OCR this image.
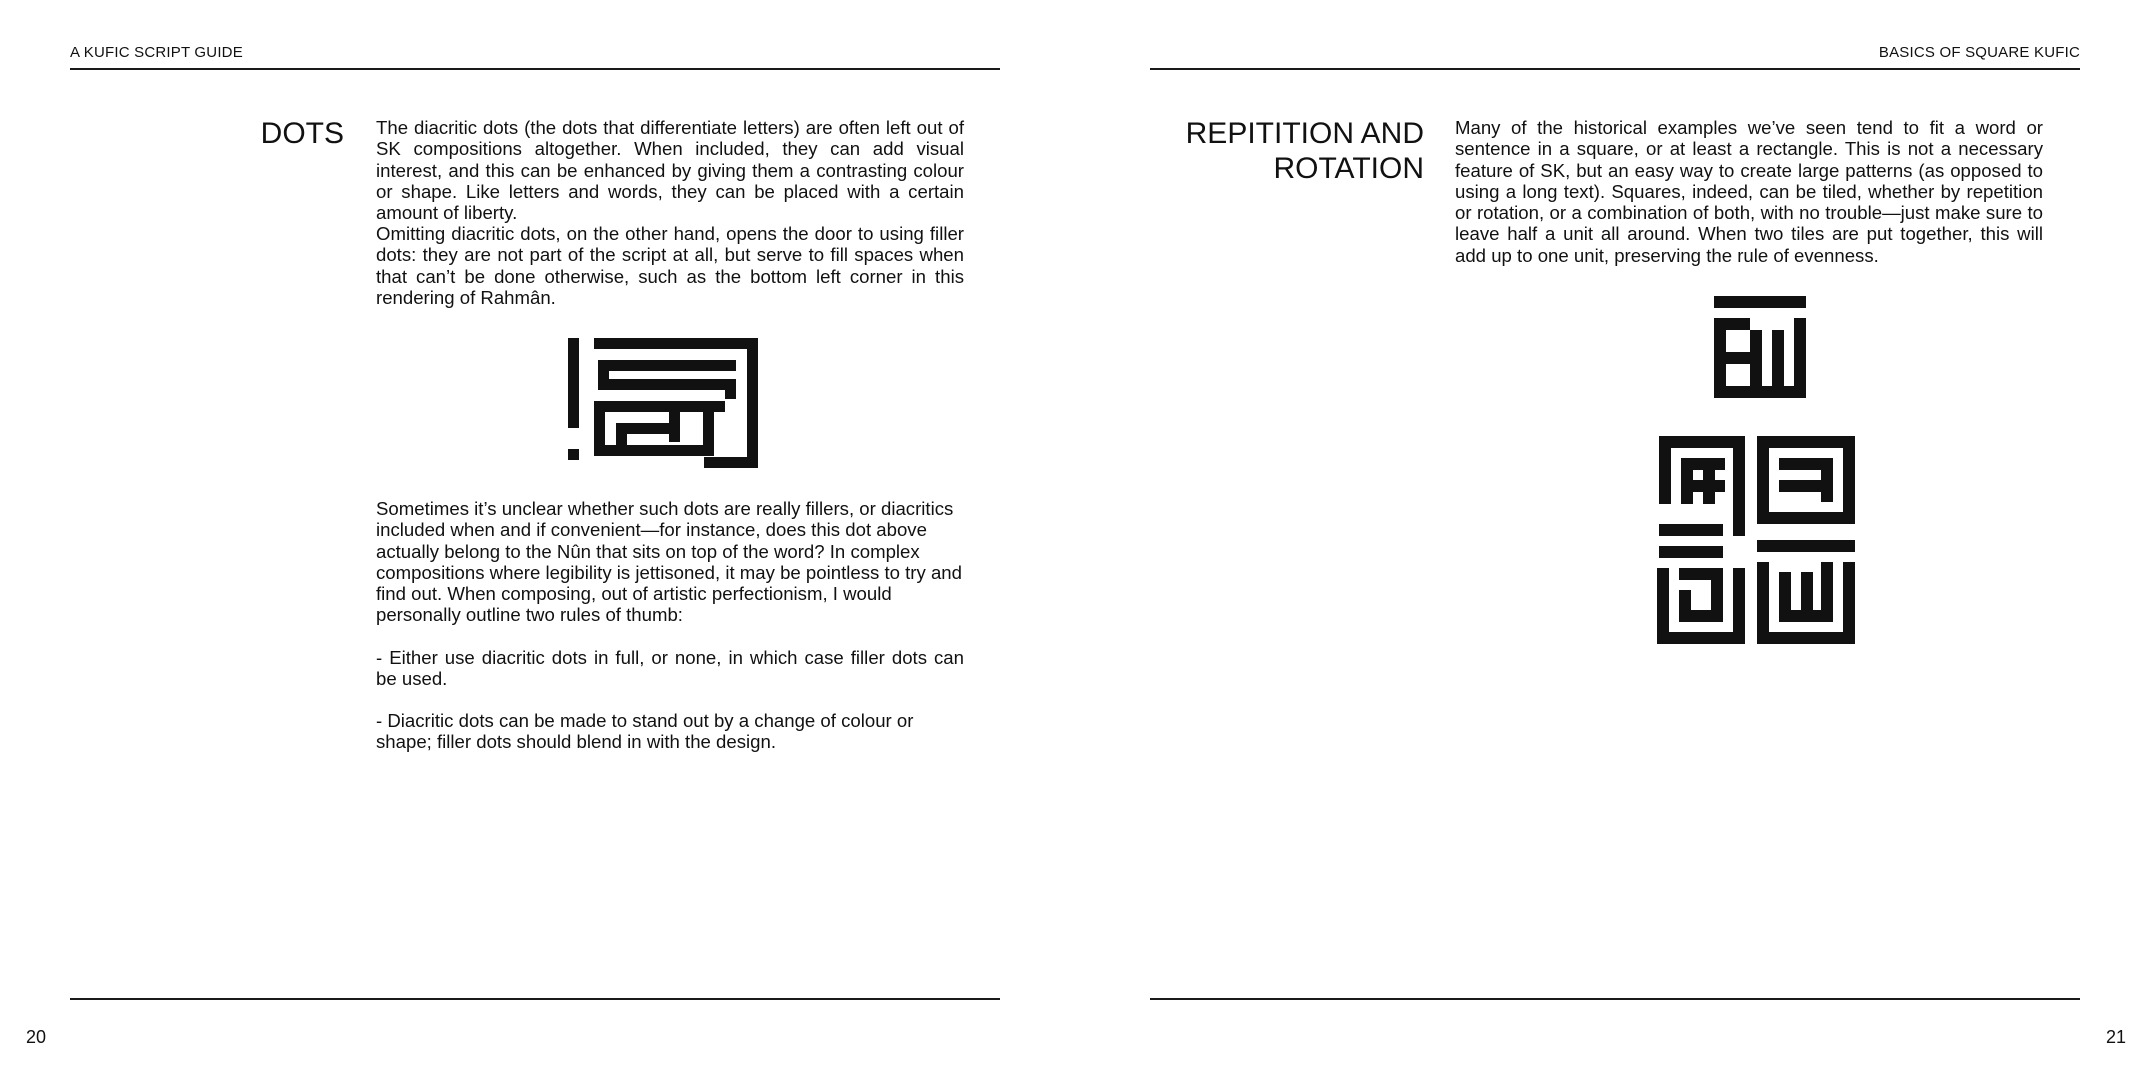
A KUFIC SCRIPT GUIDE
DOTS The diacritic dots (the dots that differentiate letters) are often left out of SK compositions altogether. When included, they can add visual interest, and this can be enhanced by giving them a contrasting colour or shape. Like letters and words, they can be placed with a certain amount of liberty.

Omitting diacritic dots, on the other hand, opens the door to using filler dots: they are not part of the script at all, but serve to fill spaces when that can’t be done otherwise, such as the bottom left corner in this rendering of Rahmân.

Sometimes it’s unclear whether such dots are really fillers, or diacritics included when and if convenient—for instance, does this dot above actually belong to the Nûn that sits on top of the word? In complex compositions where legibility is jettisoned, it may be pointless to try and find out. When composing, out of artistic perfectionism, I would personally outline two rules of thumb:

- Either use diacritic dots in full, or none, in which case filler dots can be used.

- Diacritic dots can be made to stand out by a change of colour or shape; filler dots should blend in with the design.

20
BASICS OF SQUARE KUFIC
REPITITION AND
ROTATION

Many of the historical examples we’ve seen tend to fit a word or sentence in a square, or at least a rectangle. This is not a necessary feature of SK, but an easy way to create large patterns (as opposed to using a long text). Squares, indeed, can be tiled, whether by repetition or rotation, or a combination of both, with no trouble—just make sure to leave half a unit all around. When two tiles are put together, this will add up to one unit, preserving the rule of evenness.

21
